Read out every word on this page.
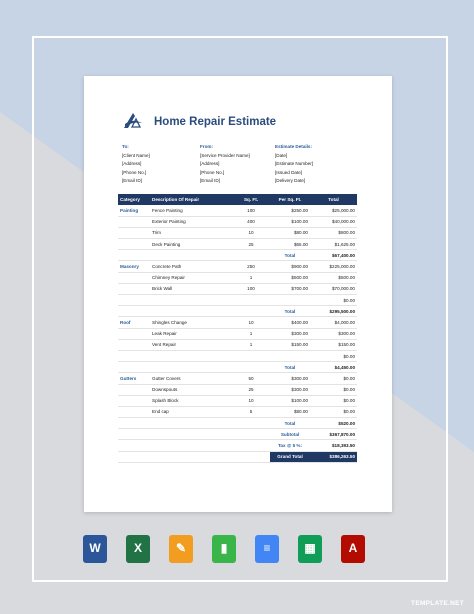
Home Repair Estimate
To:
[Client Name]
[Address]
[Phone No.]
[Email ID]
From:
[Service Provider Name]
[Address]
[Phone No.]
[Email ID]
Estimate Details:
[Date]
[Estimate Number]
[Issued Date]
[Delivery Date]
Category	Description Of Repair	Sq. Ft.	Per Sq. Ft.	Total
Painting	Fence Painting	100	$250.00	$25,000.00
	Exterior Painting	400	$100.00	$40,000.00
	Trim	10	$80.00	$800.00
	Deck Painting	25	$65.00	$1,625.00
			Total	$67,400.00
Masonry	Concrete Path	250	$900.00	$225,000.00
	Chimney Repair	1	$500.00	$500.00
	Brick Wall	100	$700.00	$70,000.00
				$0.00
			Total	$295,500.00
Roof	Shingles Change	10	$400.00	$4,000.00
	Leak Repair	1	$300.00	$300.00
	Vent Repair	1	$150.00	$150.00
				$0.00
			Total	$4,450.00
Gutters	Gutter Covers	50	$300.00	$0.00
	Downspouts	25	$300.00	$0.00
	Splash Block	10	$100.00	$0.00
	End cap	5	$80.00	$0.00
			Total	$520.00
			Subtotal	$367,870.00
			Tax @ 5 %:	$18,393.50
			Grand Total	$386,263.50
W	X	✎	▮	≡	▦	A
TEMPLATE.NET
